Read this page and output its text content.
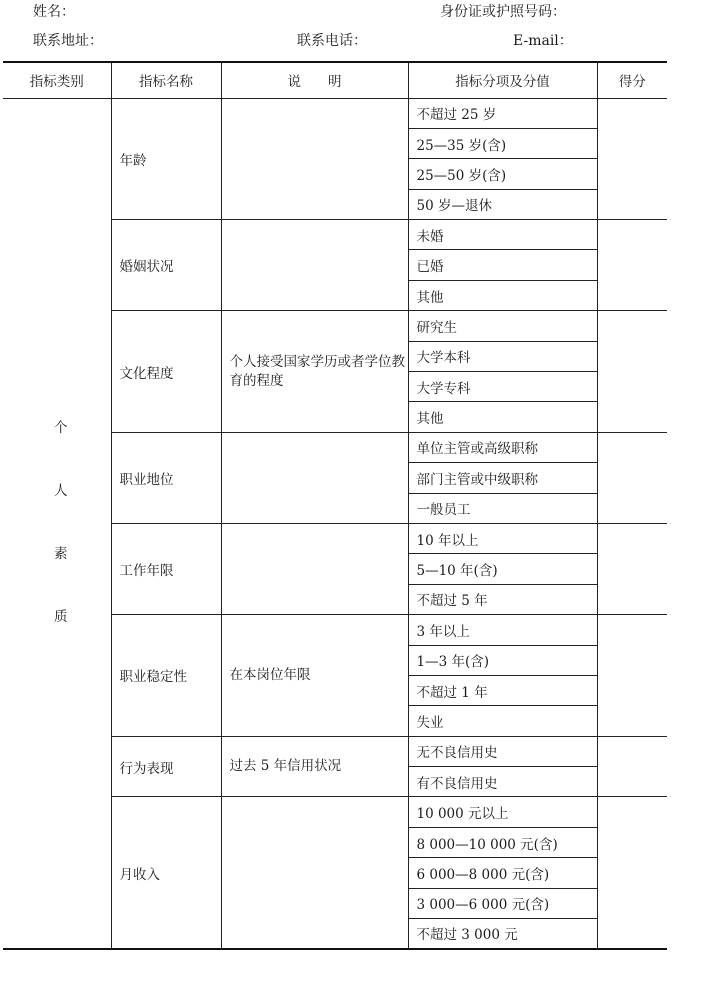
姓名：	身份证或护照号码：
联系地址：	联系电话：	E-mail：
指标类别	指标名称	说　　明	指标分项及分值	得分

个
人
素
质	年龄		不超过 25 岁	
			25—35 岁(含)	
			25—50 岁(含)	
			50 岁—退休	
	婚姻状况		未婚	
			已婚	
			其他	
	文化程度	个人接受国家学历或者学位教育的程度	研究生	
			大学本科	
			大学专科	
			其他	
	职业地位		单位主管或高级职称	
			部门主管或中级职称	
			一般员工	
	工作年限		10 年以上	
			5—10 年(含)	
			不超过 5 年	
	职业稳定性	在本岗位年限	3 年以上	
			1—3 年(含)	
			不超过 1 年	
			失业	
	行为表现	过去 5 年信用状况	无不良信用史	
			有不良信用史	
	月收入		10 000 元以上	
			8 000—10 000 元(含)	
			6 000—8 000 元(含)	
			3 000—6 000 元(含)	
			不超过 3 000 元	
